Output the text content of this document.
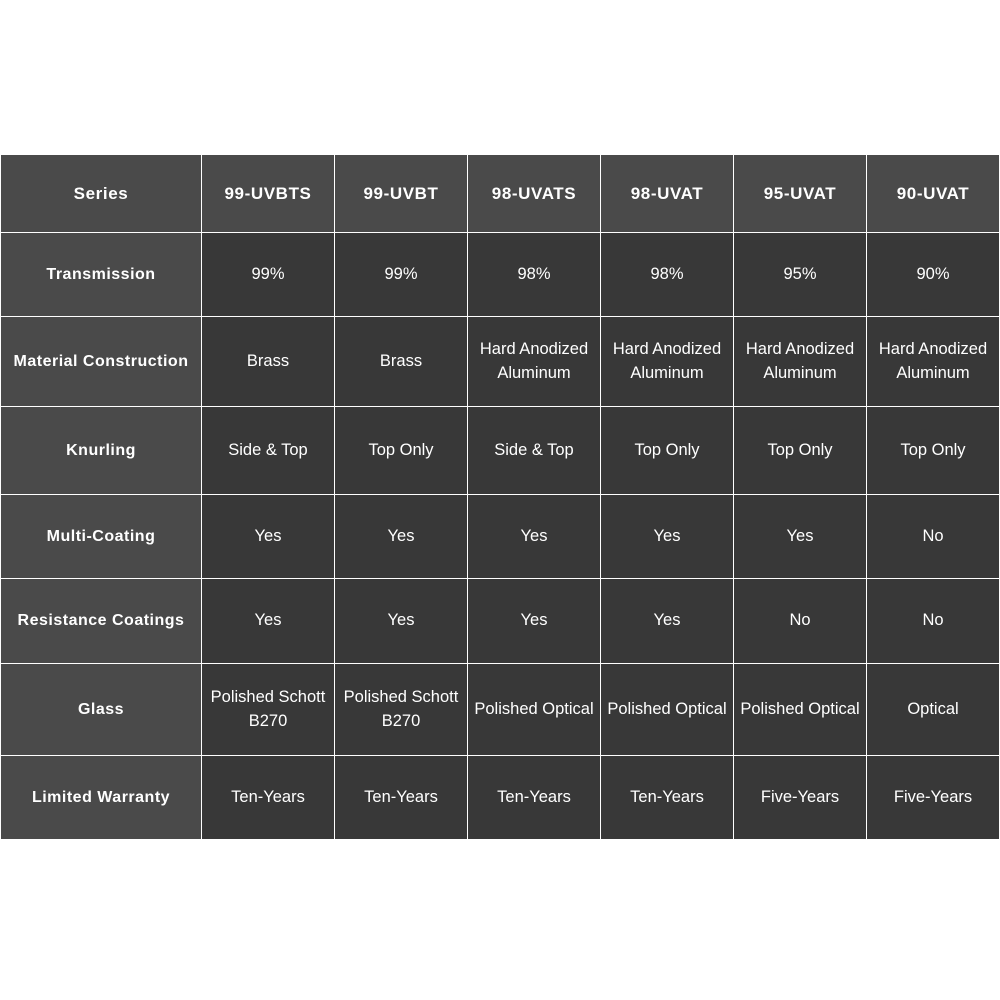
Series	99-UVBTS	99-UVBT	98-UVATS	98-UVAT	95-UVAT	90-UVAT
Transmission	99%	99%	98%	98%	95%	90%
Material Construction	Brass	Brass	Hard Anodized Aluminum	Hard Anodized Aluminum	Hard Anodized Aluminum	Hard Anodized Aluminum
Knurling	Side & Top	Top Only	Side & Top	Top Only	Top Only	Top Only
Multi-Coating	Yes	Yes	Yes	Yes	Yes	No
Resistance Coatings	Yes	Yes	Yes	Yes	No	No
Glass	Polished Schott B270	Polished Schott B270	Polished Optical	Polished Optical	Polished Optical	Optical
Limited Warranty	Ten-Years	Ten-Years	Ten-Years	Ten-Years	Five-Years	Five-Years
